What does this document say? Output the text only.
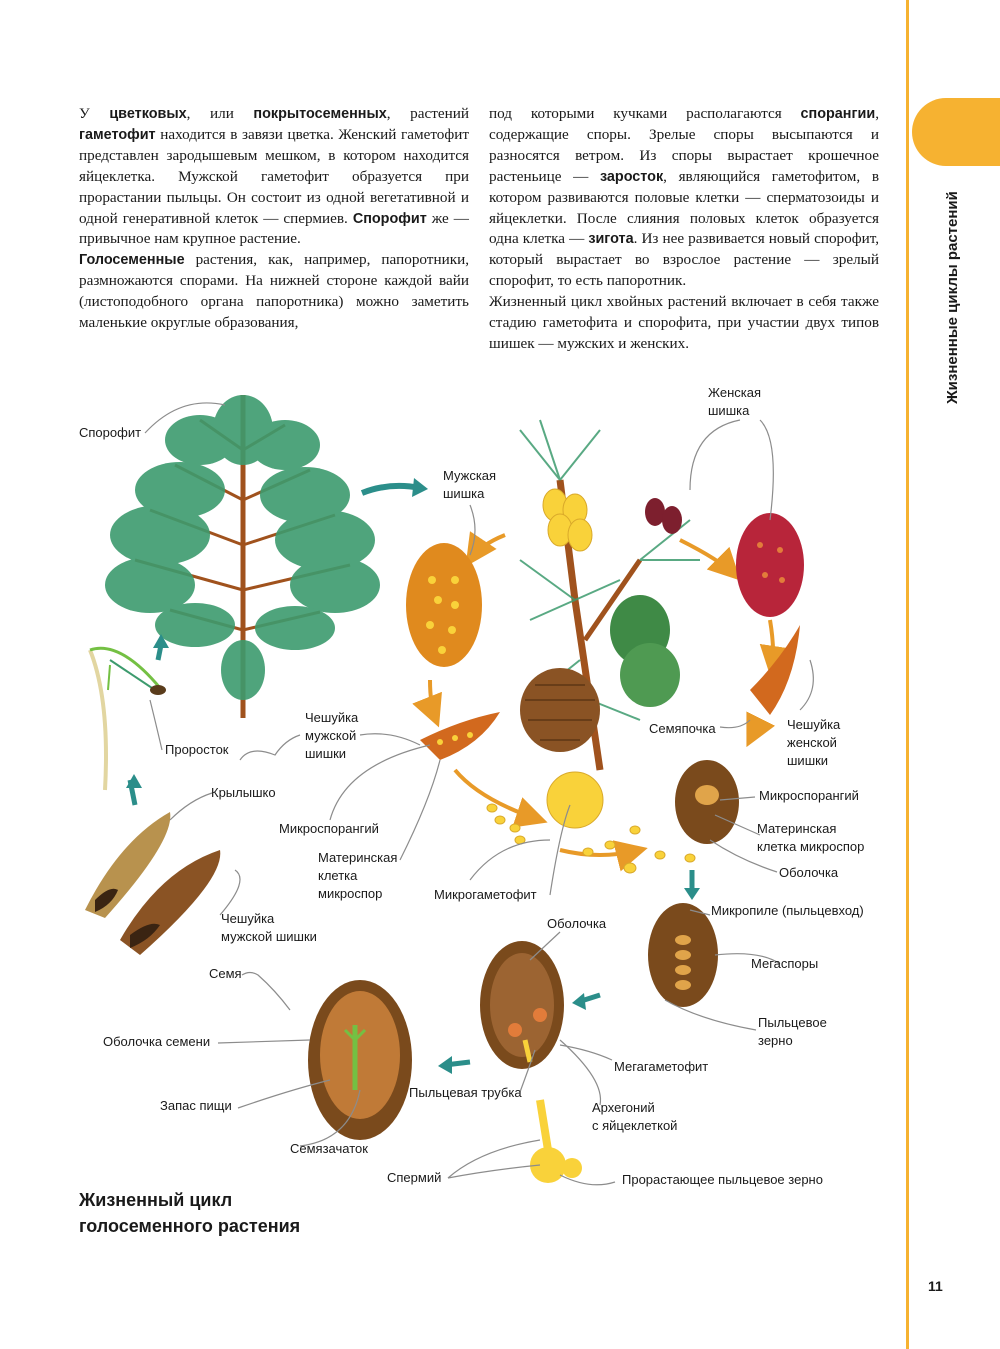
Жизненные циклы растений

У цветковых, или покрытосеменных, растений гаметофит находится в завязи цветка. Женский гаметофит представлен зародышевым мешком, в котором находится яйцеклетка. Мужской гаметофит образуется при прорастании пыльцы. Он состоит из одной вегетативной и одной генеративной клеток — спермиев. Спорофит же — привычное нам крупное растение.

Голосеменные растения, как, например, папоротники, размножаются спорами. На нижней стороне каждой вайи (листоподобного органа папоротника) можно заметить маленькие округлые образования,

под которыми кучками располагаются спорангии, содержащие споры. Зрелые споры высыпаются и разносятся ветром. Из споры вырастает крошечное растеньице — заросток, являющийся гаметофитом, в котором развиваются половые клетки — сперматозоиды и яйцеклетки. После слияния половых клеток образуется одна клетка — зигота. Из нее развивается новый спорофит, который вырастает во взрослое растение — зрелый спорофит, то есть папоротник.

Жизненный цикл хвойных растений включает в себя также стадию гаметофита и спорофита, при участии двух типов шишек — мужских и женских.

Спорофит
Мужская
шишка
Женская
шишка
Проросток
Чешуйка
мужской
шишки
Семяпочка	Чешуйка
женской
шишки
Крылышко
Микроспорангий
Материнская
клетка
микроспор
Микроспорангий
Материнская
клетка микроспор
Оболочка
Микрогаметофит
Микропиле (пыльцевход)
Чешуйка
мужской шишки
Оболочка
Мегаспоры
Семя
Пыльцевое
зерно
Оболочка семени
Мегагаметофит
Пыльцевая трубка
Запас пищи	Архегоний
с яйцеклеткой
Семязачаток
Спермий	Прорастающее пыльцевое зерно
Жизненный цикл
голосеменного растения
11
